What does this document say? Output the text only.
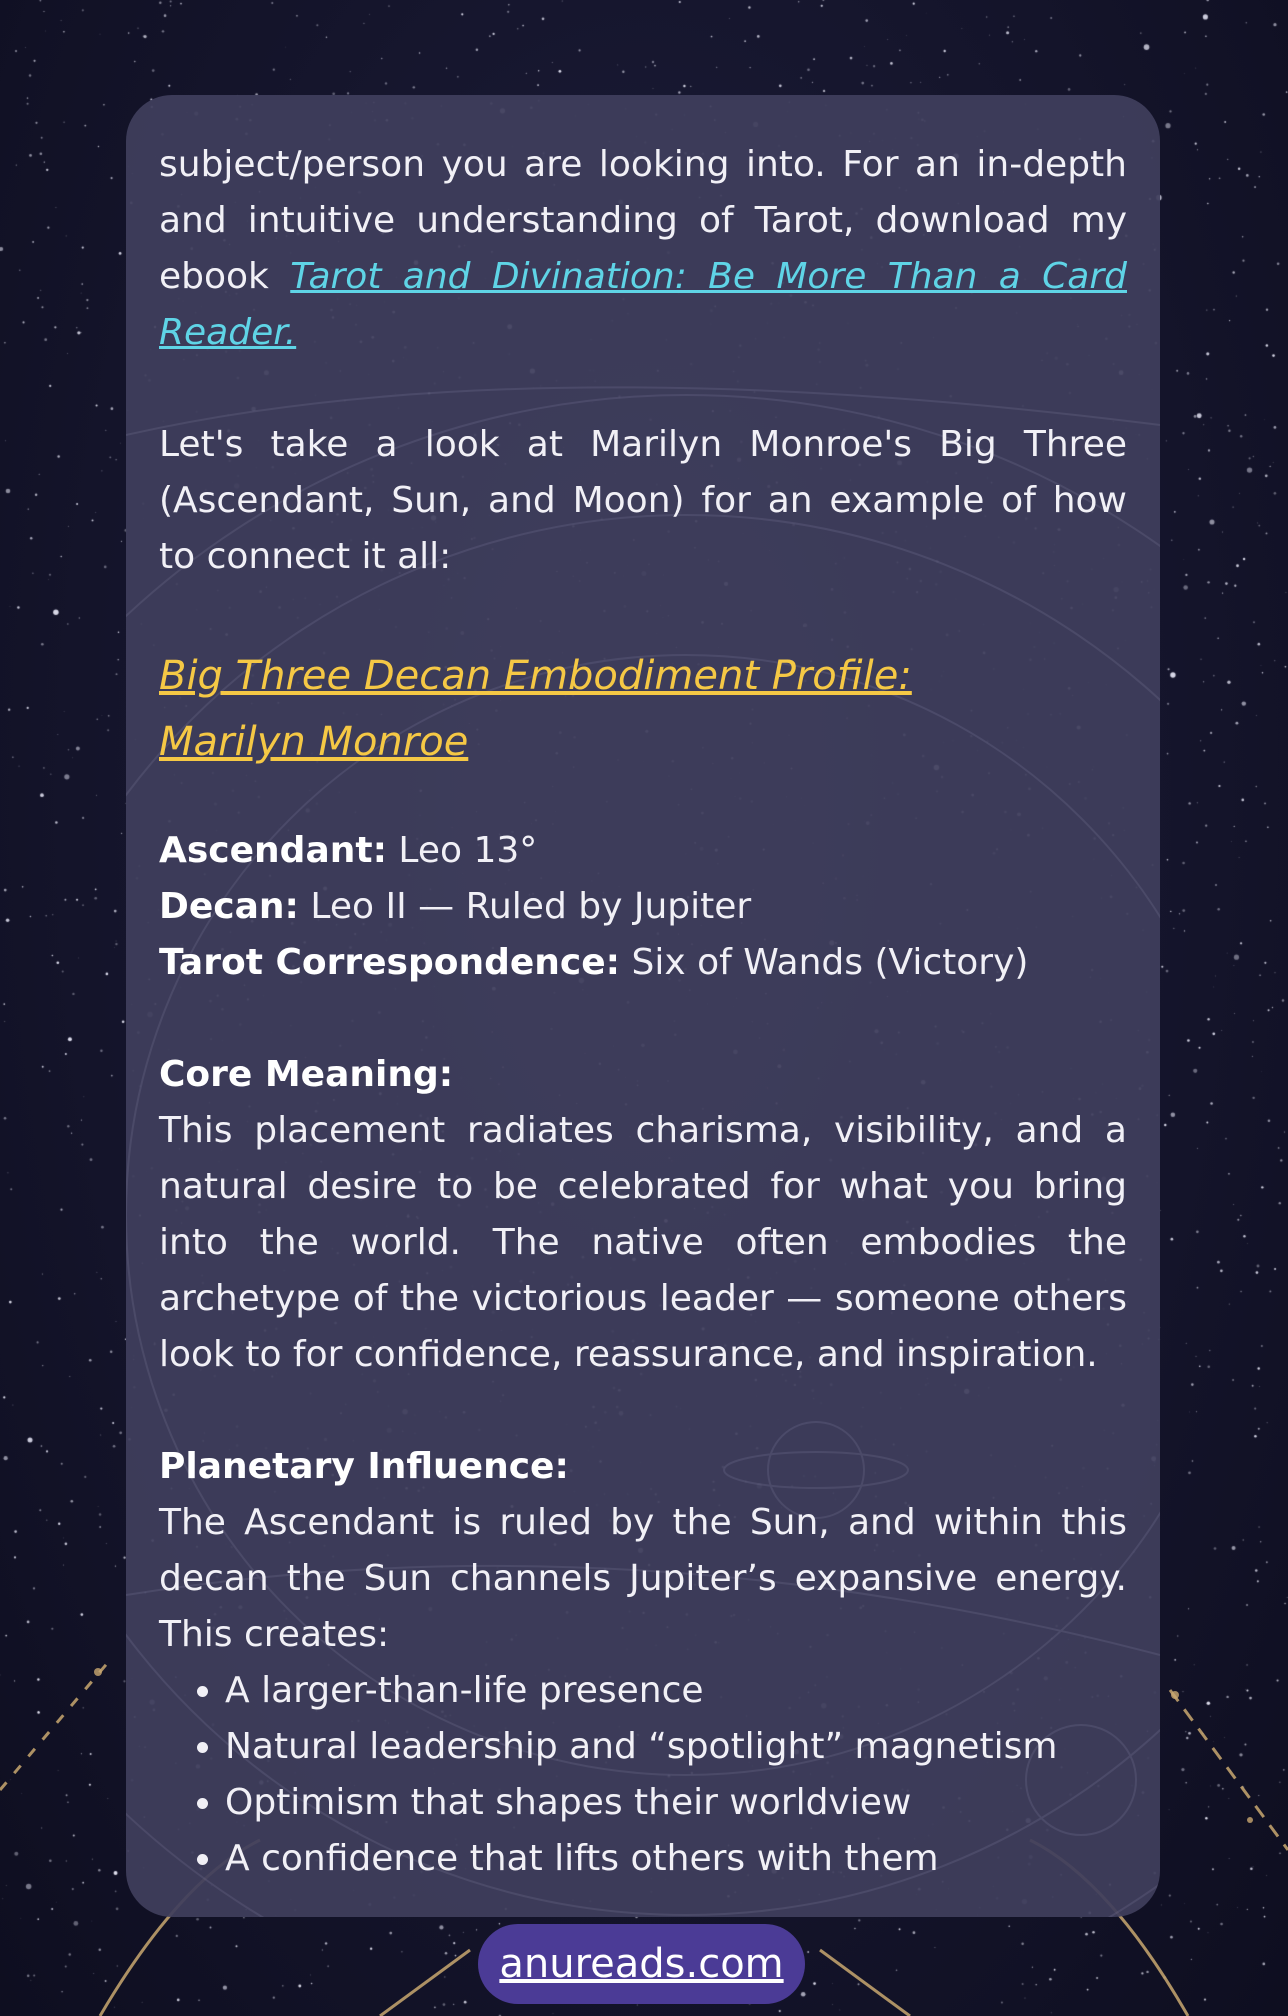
subject/person you are looking into. For an in-depth and intuitive understanding of Tarot, download my ebook Tarot and Divination: Be More Than a Card Reader.

Let's take a look at Marilyn Monroe's Big Three (Ascendant, Sun, and Moon) for an example of how to connect it all:

Big Three Decan Embodiment Profile:
Marilyn Monroe
Ascendant: Leo 13°
Decan: Leo II — Ruled by Jupiter
Tarot Correspondence: Six of Wands (Victory)
Core Meaning:

This placement radiates charisma, visibility, and a natural desire to be celebrated for what you bring into the world. The native often embodies the archetype of the victorious leader — someone others look to for confidence, reassurance, and inspiration.

Planetary Influence:

The Ascendant is ruled by the Sun, and within this decan the Sun channels Jupiter’s expansive energy. This creates:

• A larger-than-life presence
• Natural leadership and “spotlight” magnetism
• Optimism that shapes their worldview
• A confidence that lifts others with them
anureads.com
